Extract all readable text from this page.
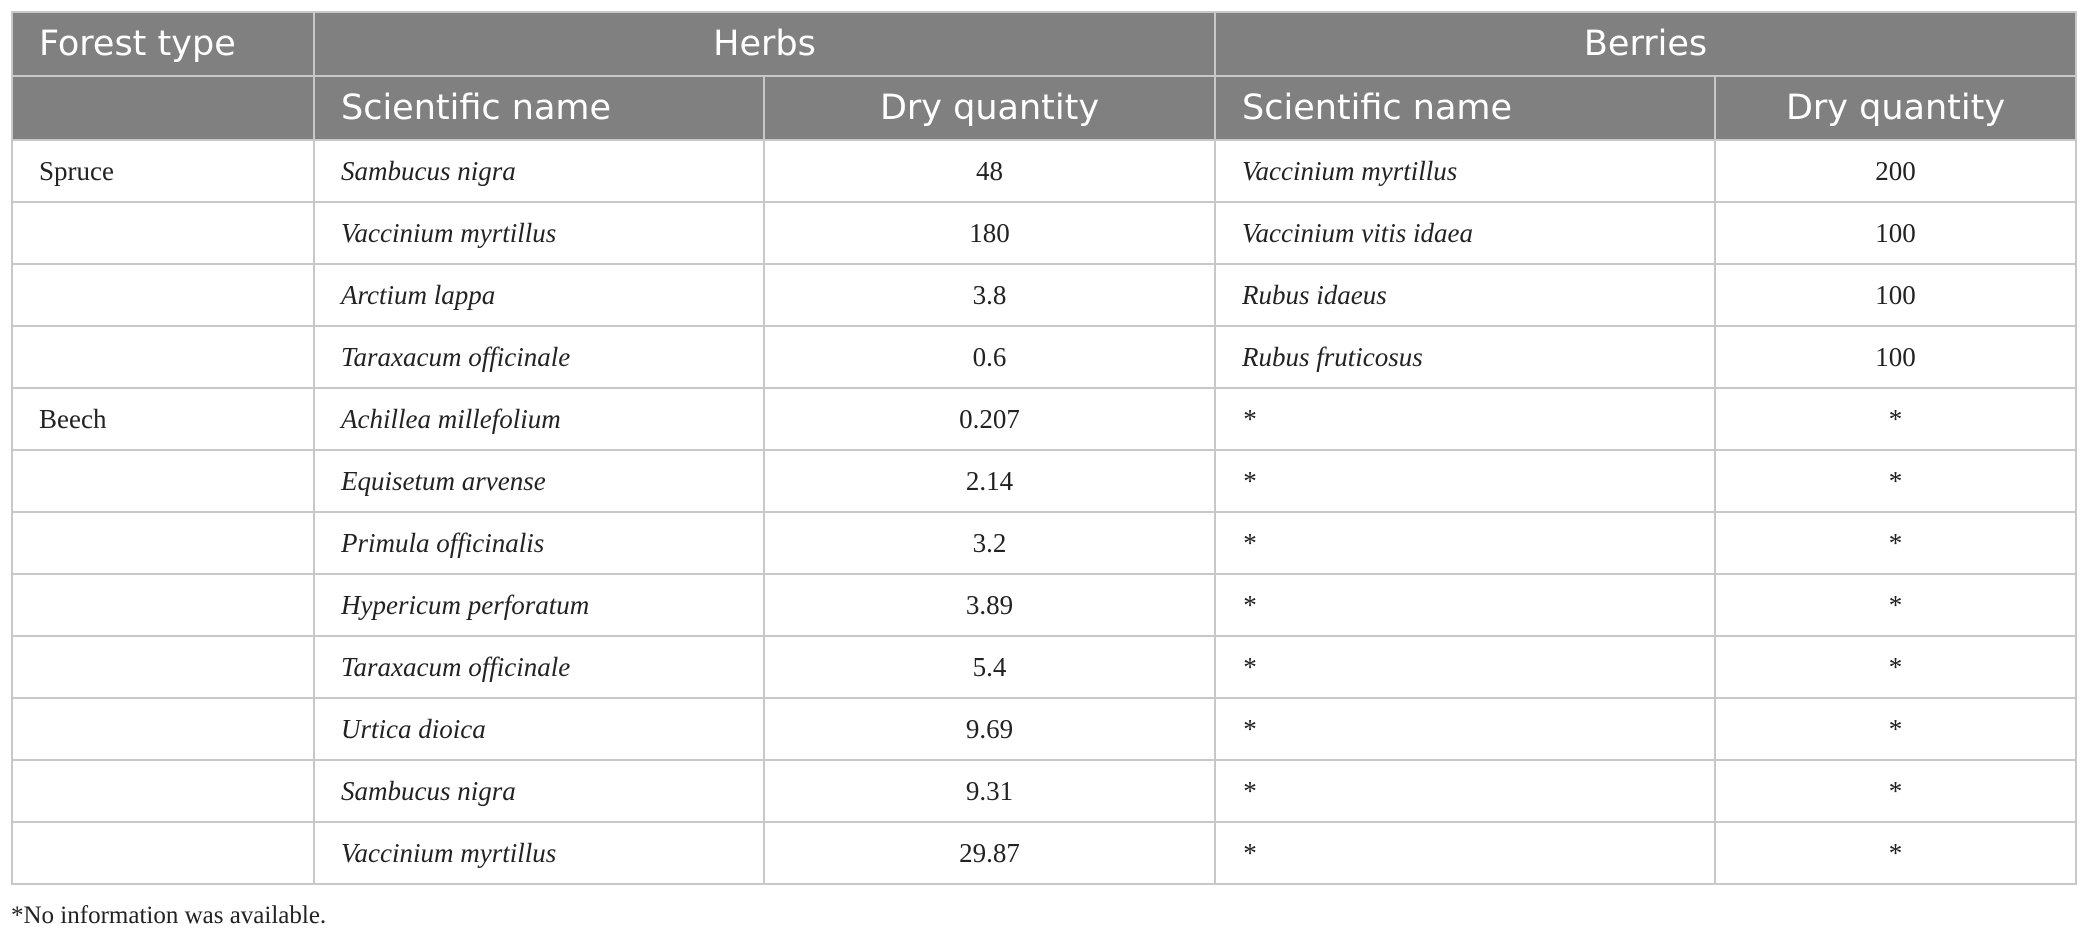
Forest type	Herbs		Berries	
	Scientific name	Dry quantity	Scientific name	Dry quantity
Spruce	Sambucus nigra	48	Vaccinium myrtillus	200
	Vaccinium myrtillus	180	Vaccinium vitis idaea	100
	Arctium lappa	3.8	Rubus idaeus	100
	Taraxacum officinale	0.6	Rubus fruticosus	100
Beech	Achillea millefolium	0.207	*	*
	Equisetum arvense	2.14	*	*
	Primula officinalis	3.2	*	*
	Hypericum perforatum	3.89	*	*
	Taraxacum officinale	5.4	*	*
	Urtica dioica	9.69	*	*
	Sambucus nigra	9.31	*	*
	Vaccinium myrtillus	29.87	*	*
*No information was available.
